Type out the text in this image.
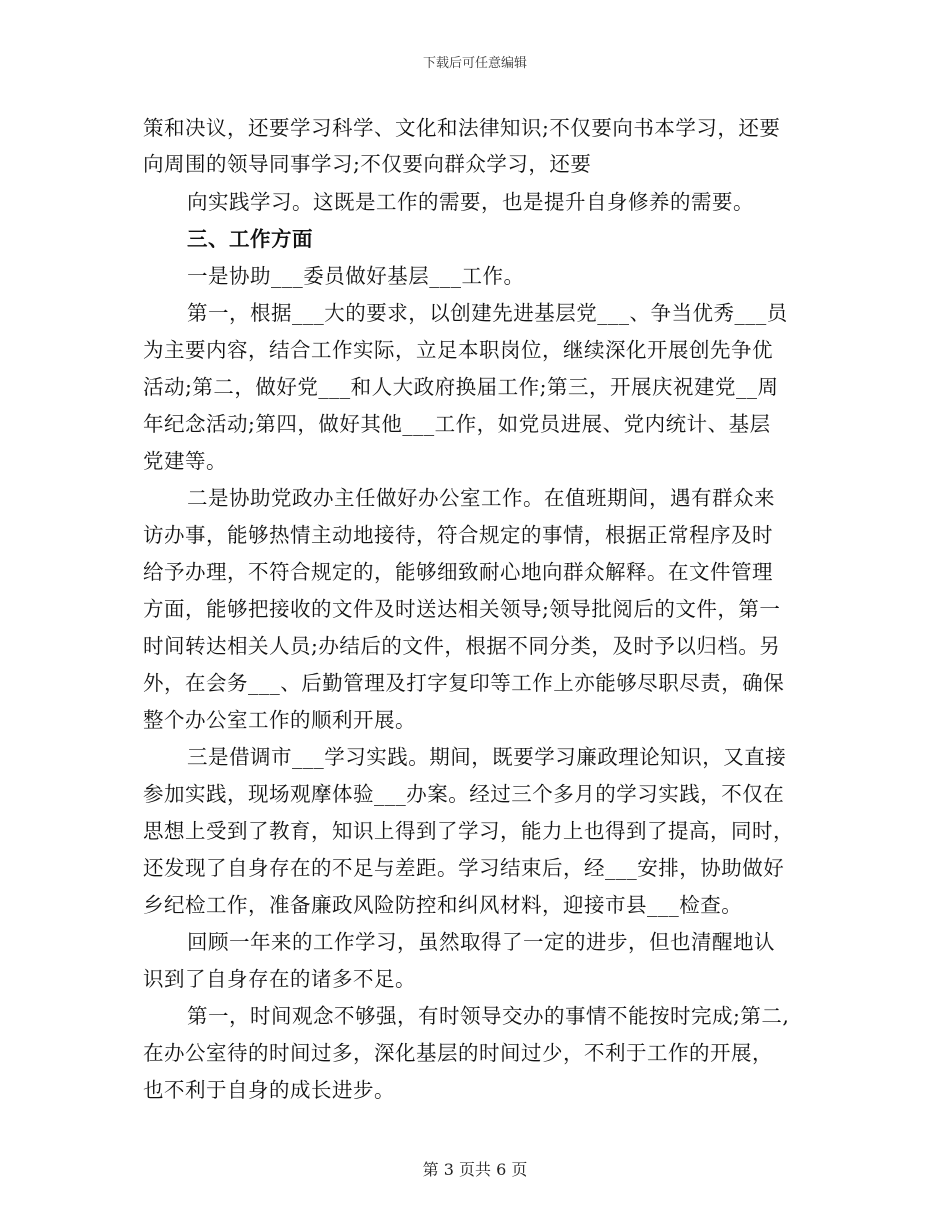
下载后可任意编辑
策和决议，还要学习科学、文化和法律知识;不仅要向书本学习，还要
向周围的领导同事学习;不仅要向群众学习，还要
向实践学习。这既是工作的需要，也是提升自身修养的需要。
三、工作方面
一是协助___委员做好基层___工作。
第一，根据___大的要求，以创建先进基层党___、争当优秀___员
为主要内容，结合工作实际，立足本职岗位，继续深化开展创先争优
活动;第二，做好党___和人大政府换届工作;第三，开展庆祝建党__周
年纪念活动;第四，做好其他___工作，如党员进展、党内统计、基层
党建等。
二是协助党政办主任做好办公室工作。在值班期间，遇有群众来
访办事，能够热情主动地接待，符合规定的事情，根据正常程序及时
给予办理，不符合规定的，能够细致耐心地向群众解释。在文件管理
方面，能够把接收的文件及时送达相关领导;领导批阅后的文件，第一
时间转达相关人员;办结后的文件，根据不同分类，及时予以归档。另
外，在会务___、后勤管理及打字复印等工作上亦能够尽职尽责，确保
整个办公室工作的顺利开展。
三是借调市___学习实践。期间，既要学习廉政理论知识，又直接
参加实践，现场观摩体验___办案。经过三个多月的学习实践，不仅在
思想上受到了教育，知识上得到了学习，能力上也得到了提高，同时，
还发现了自身存在的不足与差距。学习结束后，经___安排，协助做好
乡纪检工作，准备廉政风险防控和纠风材料，迎接市县___检查。
回顾一年来的工作学习，虽然取得了一定的进步，但也清醒地认
识到了自身存在的诸多不足。
第一，时间观念不够强，有时领导交办的事情不能按时完成;第二,
在办公室待的时间过多，深化基层的时间过少，不利于工作的开展，
也不利于自身的成长进步。
第 3 页共 6 页
